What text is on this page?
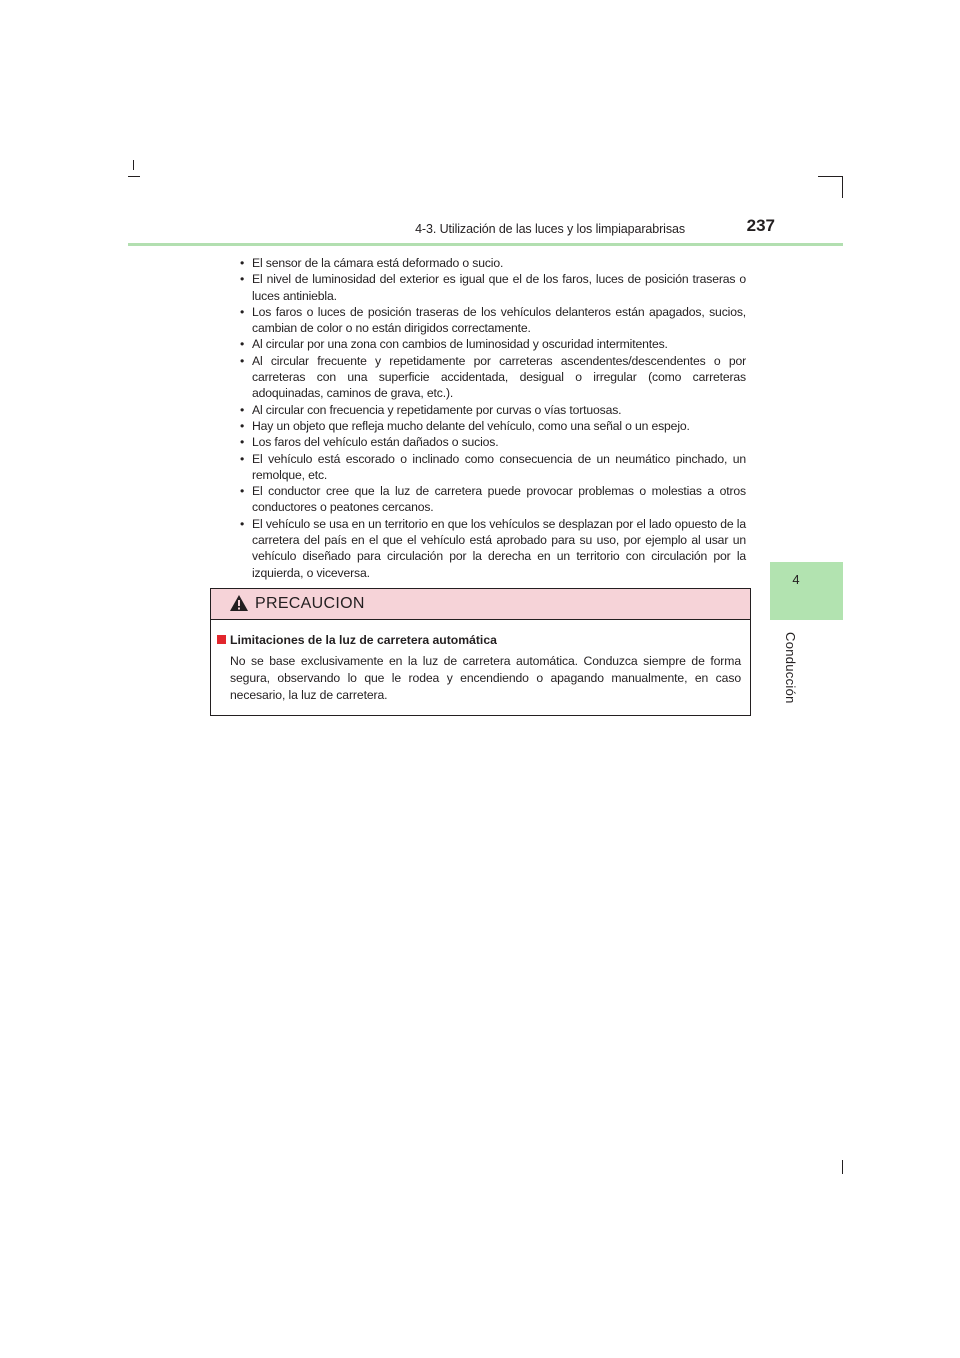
4-3. Utilización de las luces y los limpiaparabrisas	237
4
Conducción
• El sensor de la cámara está deformado o sucio.
• El nivel de luminosidad del exterior es igual que el de los faros, luces de posición traseras o luces antiniebla.
• Los faros o luces de posición traseras de los vehículos delanteros están apagados, sucios, cambian de color o no están dirigidos correctamente.
• Al circular por una zona con cambios de luminosidad y oscuridad intermitentes.
• Al circular frecuente y repetidamente por carreteras ascendentes/descendentes o por carreteras con una superficie accidentada, desigual o irregular (como carreteras adoquinadas, caminos de grava, etc.).
• Al circular con frecuencia y repetidamente por curvas o vías tortuosas.
• Hay un objeto que refleja mucho delante del vehículo, como una señal o un espejo.
• Los faros del vehículo están dañados o sucios.
• El vehículo está escorado o inclinado como consecuencia de un neumático pinchado, un remolque, etc.
• El conductor cree que la luz de carretera puede provocar problemas o molestias a otros conductores o peatones cercanos.
• El vehículo se usa en un territorio en que los vehículos se desplazan por el lado opuesto de la carretera del país en el que el vehículo está aprobado para su uso, por ejemplo al usar un vehículo diseñado para circulación por la derecha en un territorio con circulación por la izquierda, o viceversa.
PRECAUCION
Limitaciones de la luz de carretera automática
No se base exclusivamente en la luz de carretera automática. Conduzca siempre de forma segura, observando lo que le rodea y encendiendo o apagando manualmente, en caso necesario, la luz de carretera.
